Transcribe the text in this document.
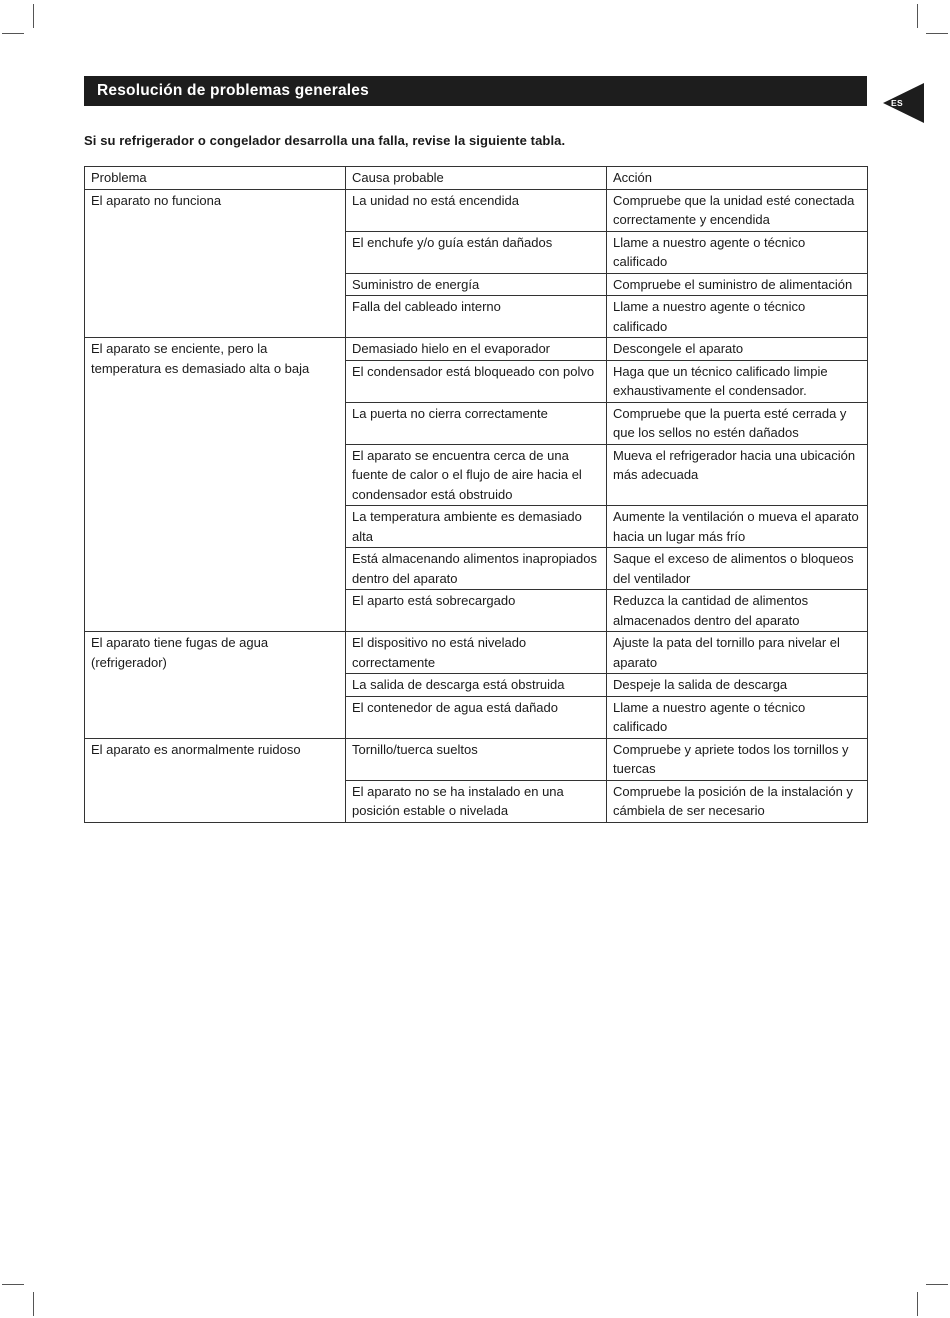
Resolución de problemas generales
ES
Si su refrigerador o congelador desarrolla una falla, revise la siguiente tabla.
Problema	Causa probable	Acción
El aparato no funciona	La unidad no está encendida	Compruebe que la unidad esté conectada correctamente y encendida
	El enchufe y/o guía están dañados	Llame a nuestro agente o técnico calificado
	Suministro de energía	Compruebe el suministro de alimentación
	Falla del cableado interno	Llame a nuestro agente o técnico calificado
El aparato se enciente, pero la temperatura es demasiado alta o baja	Demasiado hielo en el evaporador	Descongele el aparato
	El condensador está bloqueado con polvo	Haga que un técnico calificado limpie exhaustivamente el condensador.
	La puerta no cierra correctamente	Compruebe que la puerta esté cerrada y que los sellos no estén dañados
	El aparato se encuentra cerca de una fuente de calor o el flujo de aire hacia el condensador está obstruido	Mueva el refrigerador hacia una ubicación más adecuada
	La temperatura ambiente es demasiado alta	Aumente la ventilación o mueva el aparato hacia un lugar más frío
	Está almacenando alimentos inapropiados dentro del aparato	Saque el exceso de alimentos o bloqueos del ventilador
	El aparto está sobrecargado	Reduzca la cantidad de alimentos almacenados dentro del aparato
El aparato tiene fugas de agua (refrigerador)	El dispositivo no está nivelado correctamente	Ajuste la pata del tornillo para nivelar el aparato
	La salida de descarga está obstruida	Despeje la salida de descarga
	El contenedor de agua está dañado	Llame a nuestro agente o técnico calificado
El aparato es anormalmente ruidoso	Tornillo/tuerca sueltos	Compruebe y apriete todos los tornillos y tuercas
	El aparato no se ha instalado en una posición estable o nivelada	Compruebe la posición de la instalación y cámbiela de ser necesario
